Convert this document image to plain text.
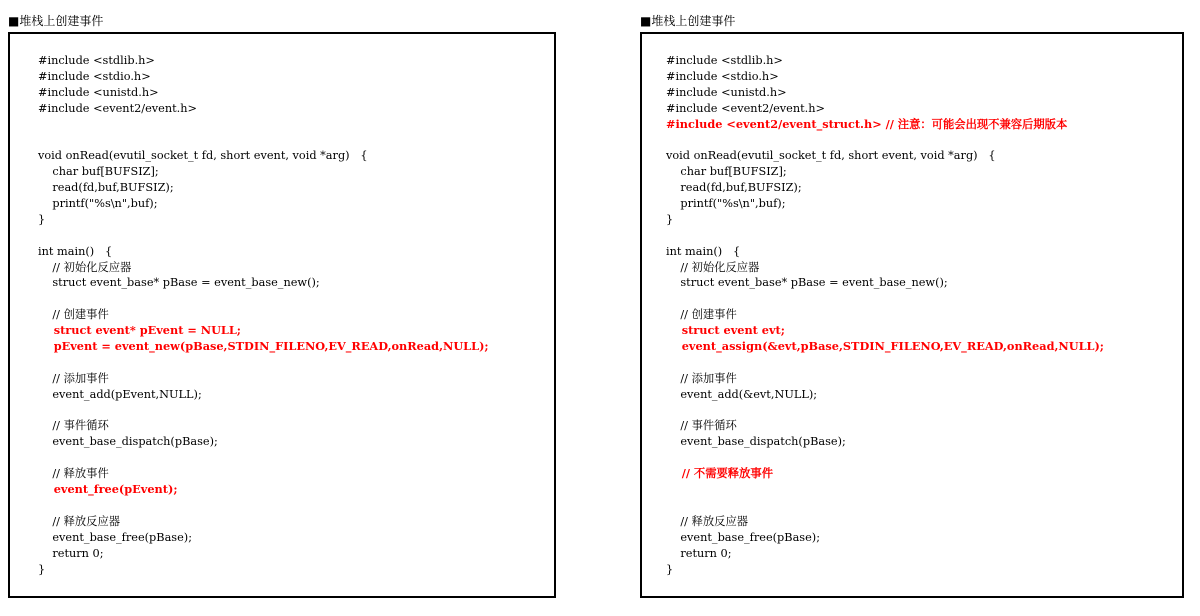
■堆栈上创建事件
#include <stdlib.h>
#include <stdio.h>
#include <unistd.h>
#include <event2/event.h>
void onRead(evutil_socket_t fd, short event, void *arg)   {
char buf[BUFSIZ];
read(fd,buf,BUFSIZ);
printf("%s\n",buf);
}
int main()   {
// 初始化反应器
struct event_base* pBase = event_base_new();
// 创建事件
struct event* pEvent = NULL;
pEvent = event_new(pBase,STDIN_FILENO,EV_READ,onRead,NULL);
// 添加事件
event_add(pEvent,NULL);
// 事件循环
event_base_dispatch(pBase);
// 释放事件
event_free(pEvent);
// 释放反应器
event_base_free(pBase);
return 0;
}
■堆栈上创建事件
#include <stdlib.h>
#include <stdio.h>
#include <unistd.h>
#include <event2/event.h>
#include <event2/event_struct.h> // 注意：可能会出现不兼容后期版本
void onRead(evutil_socket_t fd, short event, void *arg)   {
char buf[BUFSIZ];
read(fd,buf,BUFSIZ);
printf("%s\n",buf);
}
int main()   {
// 初始化反应器
struct event_base* pBase = event_base_new();
// 创建事件
struct event evt;
event_assign(&evt,pBase,STDIN_FILENO,EV_READ,onRead,NULL);
// 添加事件
event_add(&evt,NULL);
// 事件循环
event_base_dispatch(pBase);
// 不需要释放事件
// 释放反应器
event_base_free(pBase);
return 0;
}
